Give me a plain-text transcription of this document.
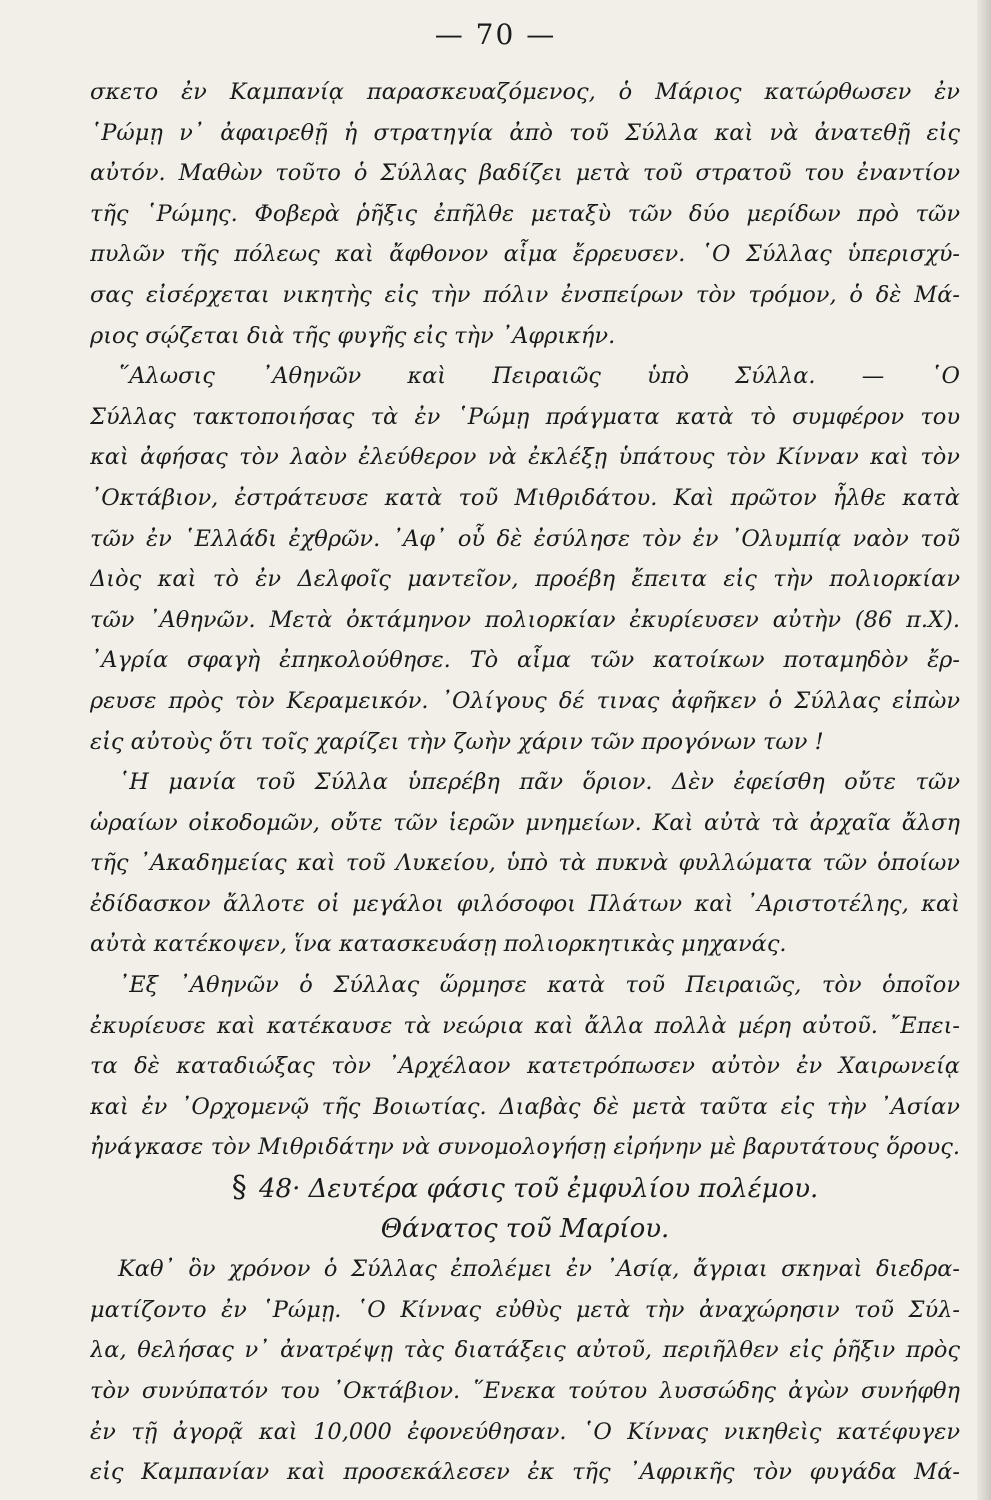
— 70 —
σκετο ἐν Καμπανίᾳ παρασκευαζόμενος, ὁ Μάριος κατώρθωσεν ἐν
῾Ρώμῃ ν᾽ ἀφαιρεθῇ ἡ στρατηγία ἀπὸ τοῦ Σύλλα καὶ νὰ ἀνατεθῇ εἰς
αὐτόν. Μαθὼν τοῦτο ὁ Σύλλας βαδίζει μετὰ τοῦ στρατοῦ του ἐναντίον
τῆς ῾Ρώμης. Φοβερὰ ῥῆξις ἐπῆλθε μεταξὺ τῶν δύο μερίδων πρὸ τῶν
πυλῶν τῆς πόλεως καὶ ἄφθονον αἷμα ἔρρευσεν. ῾Ο Σύλλας ὑπερισχύ-
σας εἰσέρχεται νικητὴς εἰς τὴν πόλιν ἐνσπείρων τὸν τρόμον, ὁ δὲ Μά-
ριος σῴζεται διὰ τῆς φυγῆς εἰς τὴν ᾽Αφρικήν.
῞Αλωσις ᾽Αθηνῶν καὶ Πειραιῶς ὑπὸ Σύλλα. — ῾Ο
Σύλλας τακτοποιήσας τὰ ἐν ῾Ρώμῃ πράγματα κατὰ τὸ συμφέρον του
καὶ ἀφήσας τὸν λαὸν ἐλεύθερον νὰ ἐκλέξῃ ὑπάτους τὸν Κίνναν καὶ τὸν
᾽Οκτάβιον, ἐστράτευσε κατὰ τοῦ Μιθριδάτου. Καὶ πρῶτον ἦλθε κατὰ
τῶν ἐν ῾Ελλάδι ἐχθρῶν. ᾽Αφ᾽ οὗ δὲ ἐσύλησε τὸν ἐν ᾽Ολυμπίᾳ ναὸν τοῦ
Διὸς καὶ τὸ ἐν Δελφοῖς μαντεῖον, προέβη ἔπειτα εἰς τὴν πολιορκίαν
τῶν ᾽Αθηνῶν. Μετὰ ὀκτάμηνον πολιορκίαν ἐκυρίευσεν αὐτὴν (86 π.Χ).
᾽Αγρία σφαγὴ ἐπηκολούθησε. Τὸ αἷμα τῶν κατοίκων ποταμηδὸν ἔρ-
ρευσε πρὸς τὸν Κεραμεικόν. ᾽Ολίγους δέ τινας ἀφῆκεν ὁ Σύλλας εἰπὼν
εἰς αὐτοὺς ὅτι τοῖς χαρίζει τὴν ζωὴν χάριν τῶν προγόνων των !
῾Η μανία τοῦ Σύλλα ὑπερέβη πᾶν ὅριον. Δὲν ἐφείσθη οὔτε τῶν
ὡραίων οἰκοδομῶν, οὔτε τῶν ἱερῶν μνημείων. Καὶ αὐτὰ τὰ ἀρχαῖα ἄλση
τῆς ᾽Ακαδημείας καὶ τοῦ Λυκείου, ὑπὸ τὰ πυκνὰ φυλλώματα τῶν ὁποίων
ἐδίδασκον ἄλλοτε οἱ μεγάλοι φιλόσοφοι Πλάτων καὶ ᾽Αριστοτέλης, καὶ
αὐτὰ κατέκοψεν, ἵνα κατασκευάσῃ πολιορκητικὰς μηχανάς.
᾽Εξ ᾽Αθηνῶν ὁ Σύλλας ὥρμησε κατὰ τοῦ Πειραιῶς, τὸν ὁποῖον
ἐκυρίευσε καὶ κατέκαυσε τὰ νεώρια καὶ ἄλλα πολλὰ μέρη αὐτοῦ. ῎Επει-
τα δὲ καταδιώξας τὸν ᾽Αρχέλαον κατετρόπωσεν αὐτὸν ἐν Χαιρωνείᾳ
καὶ ἐν ᾽Ορχομενῷ τῆς Βοιωτίας. Διαβὰς δὲ μετὰ ταῦτα εἰς τὴν ᾽Ασίαν
ἠνάγκασε τὸν Μιθριδάτην νὰ συνομολογήσῃ εἰρήνην μὲ βαρυτάτους ὅρους.
§ 48· Δευτέρα φάσις τοῦ ἐμφυλίου πολέμου.
Θάνατος τοῦ Μαρίου.
Καθ᾽ ὃν χρόνον ὁ Σύλλας ἐπολέμει ἐν ᾽Ασίᾳ, ἄγριαι σκηναὶ διεδρα-
ματίζοντο ἐν ῾Ρώμῃ. ῾Ο Κίννας εὐθὺς μετὰ τὴν ἀναχώρησιν τοῦ Σύλ-
λα, θελήσας ν᾽ ἀνατρέψῃ τὰς διατάξεις αὐτοῦ, περιῆλθεν εἰς ῥῆξιν πρὸς
τὸν συνύπατόν του ᾽Οκτάβιον. ῞Ενεκα τούτου λυσσώδης ἀγὼν συνήφθη
ἐν τῇ ἀγορᾷ καὶ 10,000 ἐφονεύθησαν. ῾Ο Κίννας νικηθεὶς κατέφυγεν
εἰς Καμπανίαν καὶ προσεκάλεσεν ἐκ τῆς ᾽Αφρικῆς τὸν φυγάδα Μά-
